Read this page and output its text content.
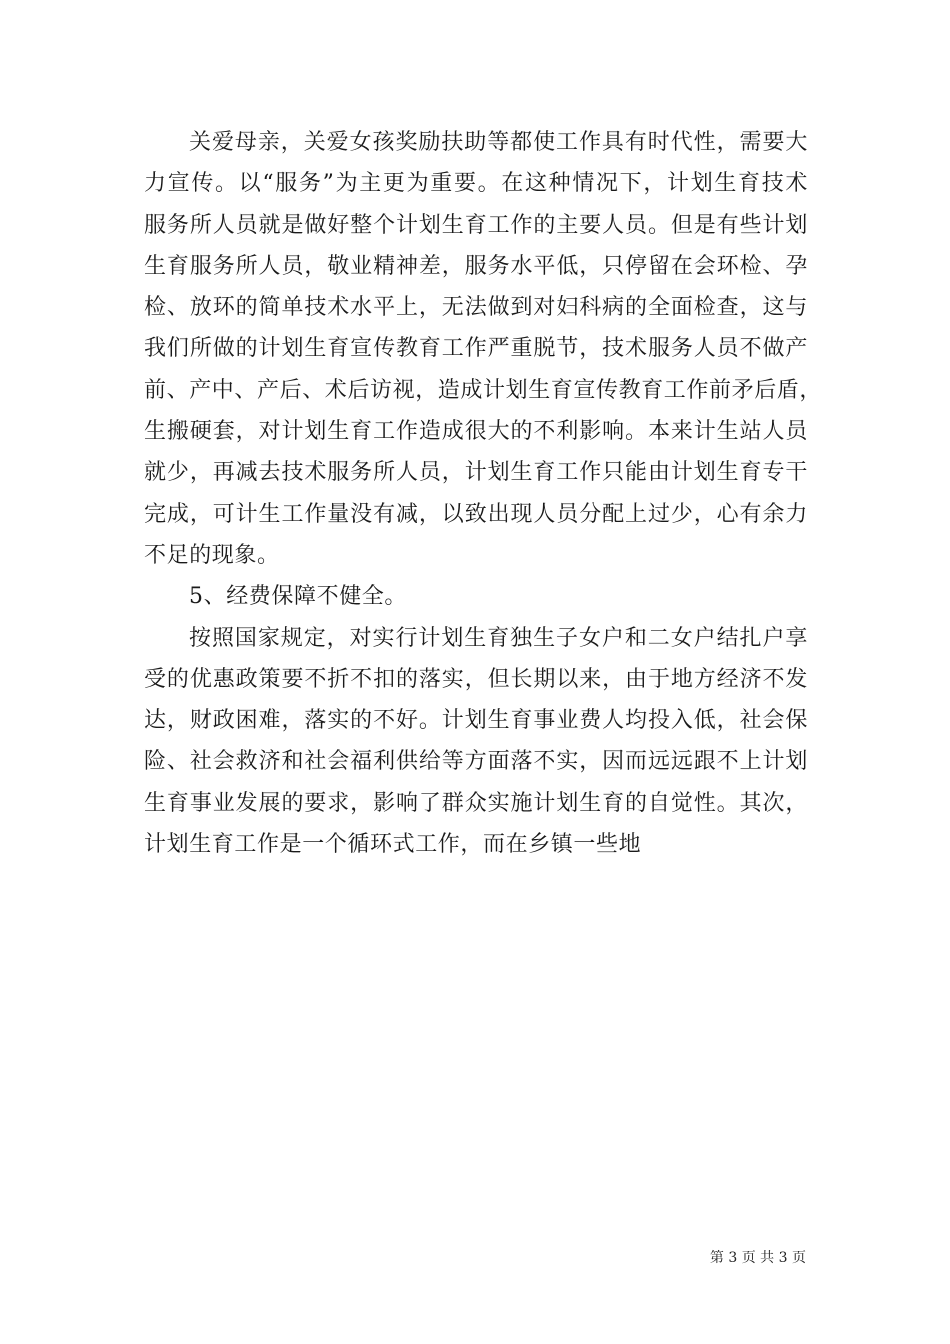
关爱母亲，关爱女孩奖励扶助等都使工作具有时代性，需要大
力宣传。以“服务”为主更为重要。在这种情况下，计划生育技术
服务所人员就是做好整个计划生育工作的主要人员。但是有些计划
生育服务所人员，敬业精神差，服务水平低，只停留在会环检、孕
检、放环的简单技术水平上，无法做到对妇科病的全面检查，这与
我们所做的计划生育宣传教育工作严重脱节，技术服务人员不做产
前、产中、产后、术后访视，造成计划生育宣传教育工作前矛后盾，
生搬硬套，对计划生育工作造成很大的不利影响。本来计生站人员
就少，再减去技术服务所人员，计划生育工作只能由计划生育专干
完成，可计生工作量没有减，以致出现人员分配上过少，心有余力
不足的现象。
5、经费保障不健全。
按照国家规定，对实行计划生育独生子女户和二女户结扎户享
受的优惠政策要不折不扣的落实，但长期以来，由于地方经济不发
达，财政困难，落实的不好。计划生育事业费人均投入低，社会保
险、社会救济和社会福利供给等方面落不实，因而远远跟不上计划
生育事业发展的要求，影响了群众实施计划生育的自觉性。其次，
计划生育工作是一个循环式工作，而在乡镇一些地
第 3 页 共 3 页
